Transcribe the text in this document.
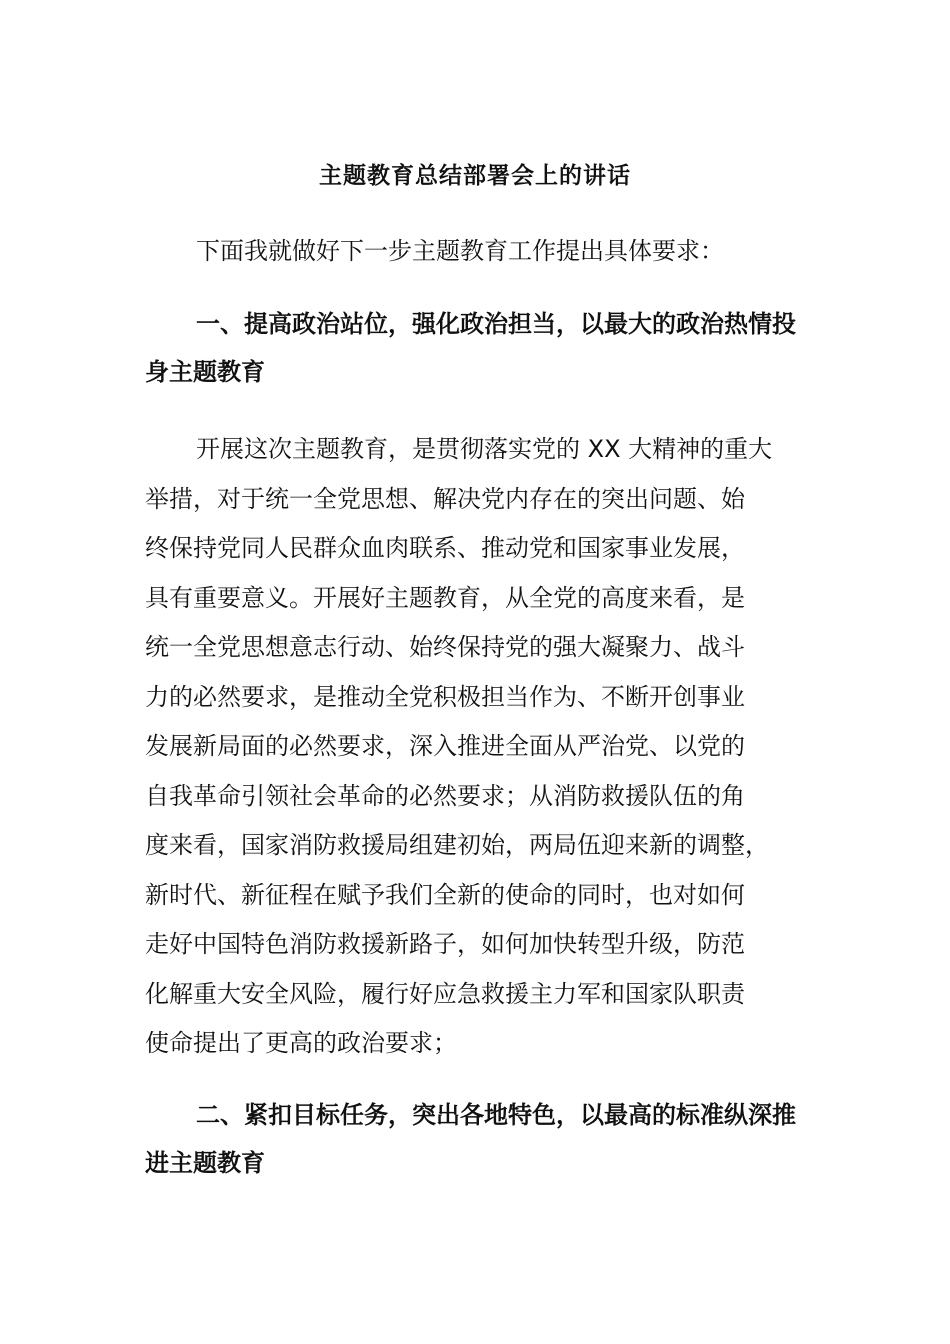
主题教育总结部署会上的讲话
下面我就做好下一步主题教育工作提出具体要求：

一、提高政治站位，强化政治担当，以最大的政治热情投身主题教育

开展这次主题教育，是贯彻落实党的 XX 大精神的重大
举措，对于统一全党思想、解决党内存在的突出问题、始
终保持党同人民群众血肉联系、推动党和国家事业发展，
具有重要意义。开展好主题教育，从全党的高度来看，是
统一全党思想意志行动、始终保持党的强大凝聚力、战斗
力的必然要求，是推动全党积极担当作为、不断开创事业
发展新局面的必然要求，深入推进全面从严治党、以党的
自我革命引领社会革命的必然要求；从消防救援队伍的角
度来看，国家消防救援局组建初始，两局伍迎来新的调整，
新时代、新征程在赋予我们全新的使命的同时，也对如何
走好中国特色消防救援新路子，如何加快转型升级，防范
化解重大安全风险，履行好应急救援主力军和国家队职责
使命提出了更高的政治要求；

二、紧扣目标任务，突出各地特色，以最高的标准纵深推进主题教育
